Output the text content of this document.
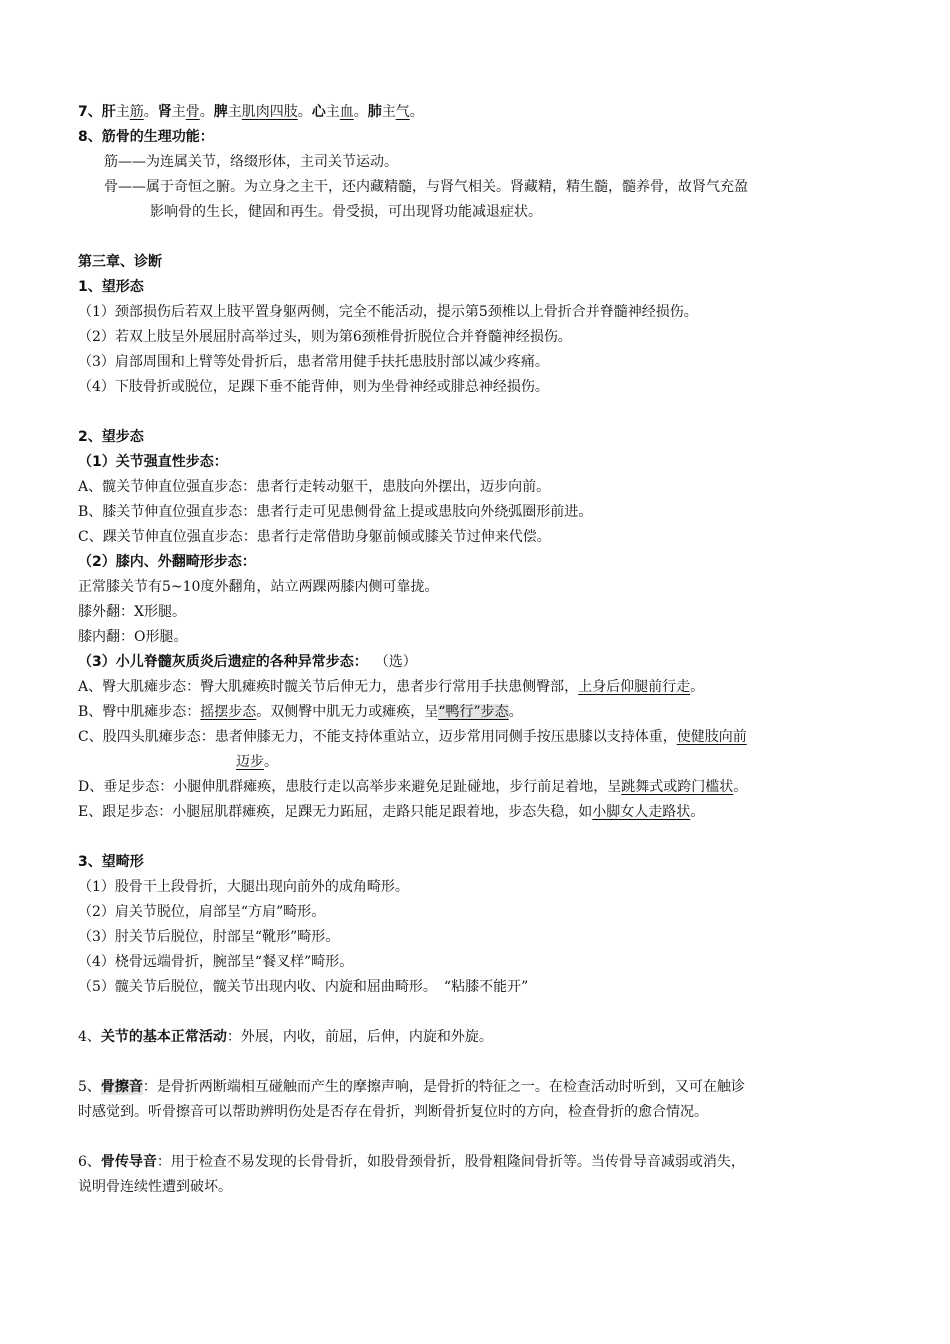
7、肝主筋。肾主骨。脾主肌肉四肢。心主血。肺主气。
8、筋骨的生理功能：
筋——为连属关节，络缀形体，主司关节运动。
骨——属于奇恒之腑。为立身之主干，还内藏精髓，与肾气相关。肾藏精，精生髓，髓养骨，故肾气充盈
影响骨的生长，健固和再生。骨受损，可出现肾功能减退症状。
第三章、诊断
1、望形态
（1）颈部损伤后若双上肢平置身躯两侧，完全不能活动，提示第5颈椎以上骨折合并脊髓神经损伤。
（2）若双上肢呈外展屈肘高举过头，则为第6颈椎骨折脱位合并脊髓神经损伤。
（3）肩部周围和上臂等处骨折后，患者常用健手扶托患肢肘部以减少疼痛。
（4）下肢骨折或脱位，足踝下垂不能背伸，则为坐骨神经或腓总神经损伤。
2、望步态
（1）关节强直性步态：
A、髋关节伸直位强直步态：患者行走转动躯干，患肢向外摆出，迈步向前。
B、膝关节伸直位强直步态：患者行走可见患侧骨盆上提或患肢向外绕弧圈形前进。
C、踝关节伸直位强直步态：患者行走常借助身躯前倾或膝关节过伸来代偿。
（2）膝内、外翻畸形步态：
正常膝关节有5~10度外翻角，站立两踝两膝内侧可靠拢。
膝外翻：X形腿。
膝内翻：O形腿。
（3）小儿脊髓灰质炎后遗症的各种异常步态： （选）
A、臀大肌瘫步态：臀大肌瘫痪时髋关节后伸无力，患者步行常用手扶患侧臀部，上身后仰腿前行走。
B、臀中肌瘫步态：摇摆步态。双侧臀中肌无力或瘫痪，呈“鸭行”步态。
C、股四头肌瘫步态：患者伸膝无力，不能支持体重站立，迈步常用同侧手按压患膝以支持体重，使健肢向前
迈步。
D、垂足步态：小腿伸肌群瘫痪，患肢行走以高举步来避免足趾碰地，步行前足着地，呈跳舞式或跨门槛状。
E、跟足步态：小腿屈肌群瘫痪，足踝无力跖屈，走路只能足跟着地，步态失稳，如小脚女人走路状。
3、望畸形
（1）股骨干上段骨折，大腿出现向前外的成角畸形。
（2）肩关节脱位，肩部呈“方肩”畸形。
（3）肘关节后脱位，肘部呈“靴形”畸形。
（4）桡骨远端骨折，腕部呈“餐叉样”畸形。
（5）髋关节后脱位，髋关节出现内收、内旋和屈曲畸形。　“粘膝不能开”
4、关节的基本正常活动：外展，内收，前屈，后伸，内旋和外旋。
5、骨擦音：是骨折两断端相互碰触而产生的摩擦声响，是骨折的特征之一。在检查活动时听到，又可在触诊
时感觉到。听骨擦音可以帮助辨明伤处是否存在骨折，判断骨折复位时的方向，检查骨折的愈合情况。
6、骨传导音：用于检查不易发现的长骨骨折，如股骨颈骨折，股骨粗隆间骨折等。当传骨导音减弱或消失，
说明骨连续性遭到破坏。
